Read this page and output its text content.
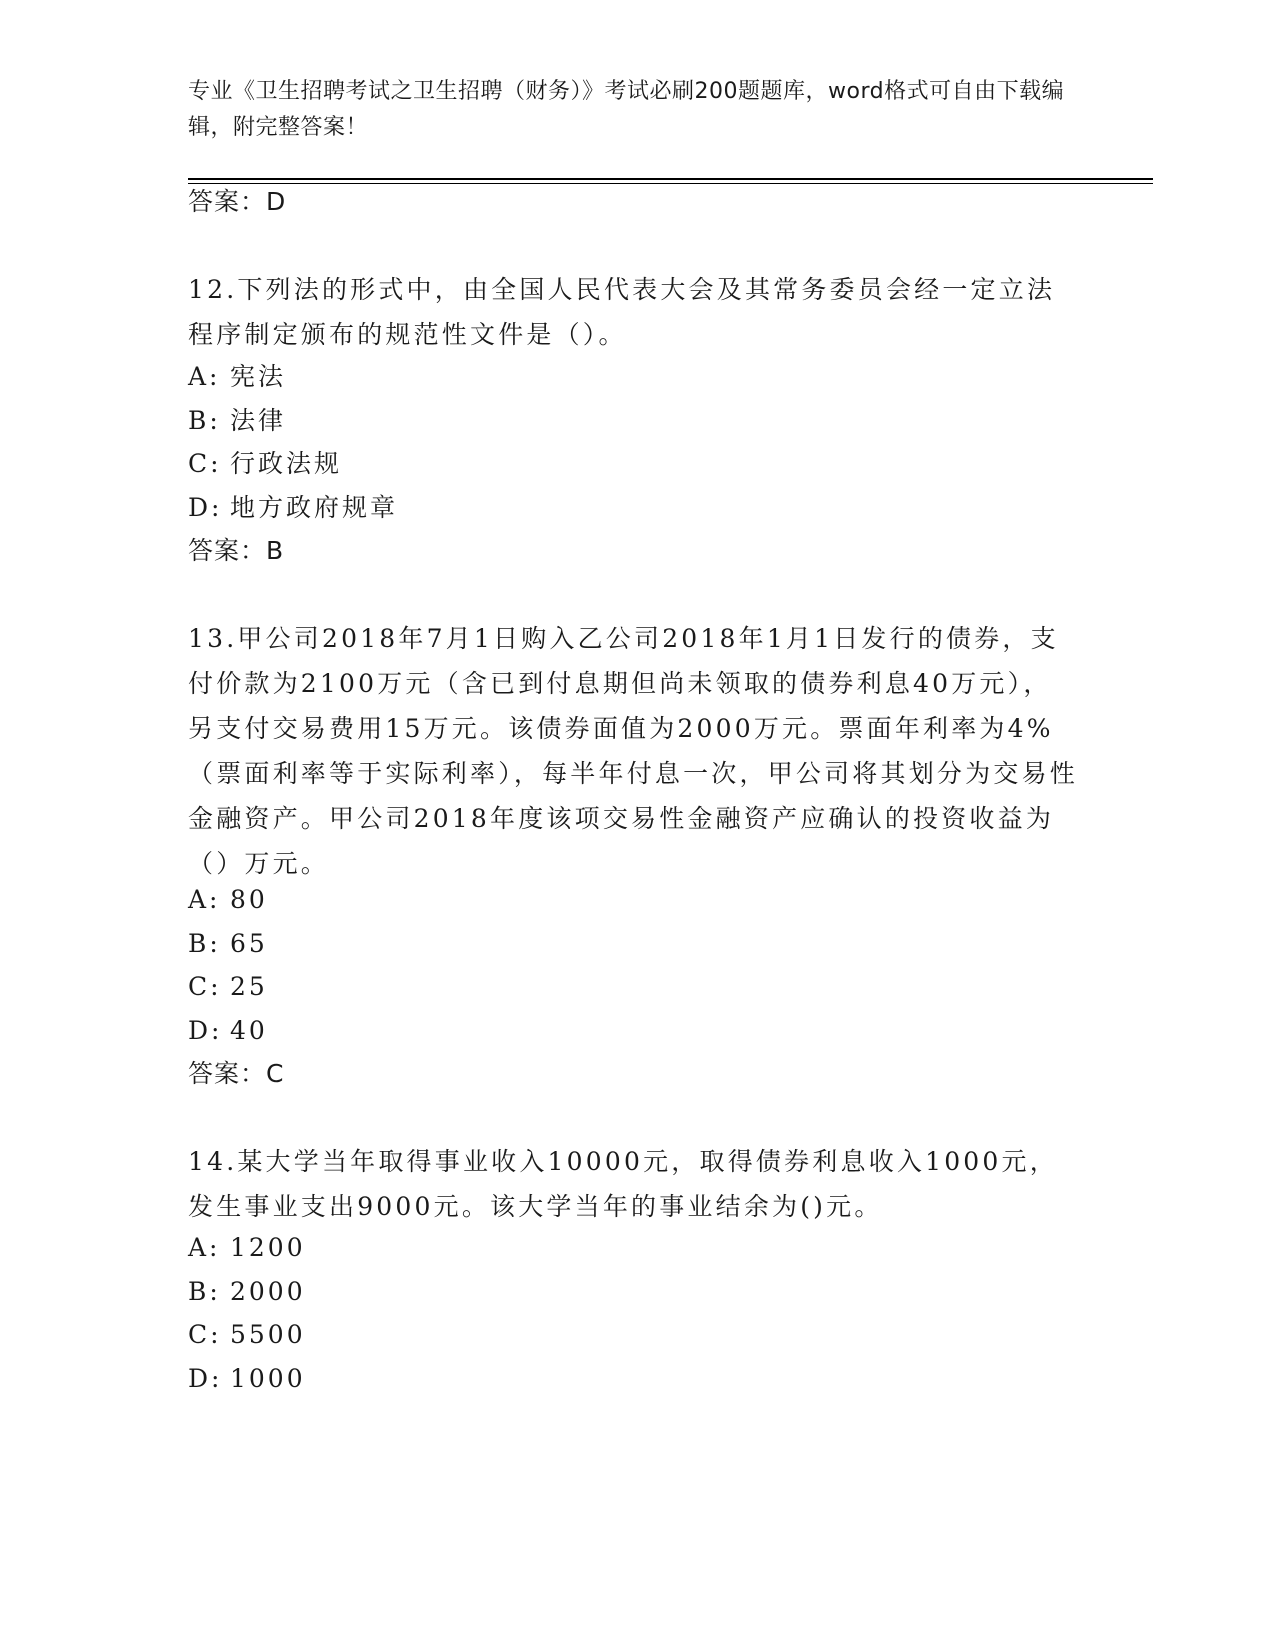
专业《卫生招聘考试之卫生招聘（财务）》考试必刷200题题库，word格式可自由下载编辑，附完整答案！
答案：D
12.下列法的形式中，由全国人民代表大会及其常务委员会经一定立法程序制定颁布的规范性文件是（）。
A: 宪法
B: 法律
C: 行政法规
D: 地方政府规章
答案：B
13.甲公司2018年7月1日购入乙公司2018年1月1日发行的债券，支付价款为2100万元（含已到付息期但尚未领取的债券利息40万元），另支付交易费用15万元。该债券面值为2000万元。票面年利率为4%（票面利率等于实际利率），每半年付息一次，甲公司将其划分为交易性金融资产。甲公司2018年度该项交易性金融资产应确认的投资收益为（）万元。
A: 80
B: 65
C: 25
D: 40
答案：C
14.某大学当年取得事业收入10000元，取得债券利息收入1000元，发生事业支出9000元。该大学当年的事业结余为()元。
A: 1200
B: 2000
C: 5500
D: 1000
